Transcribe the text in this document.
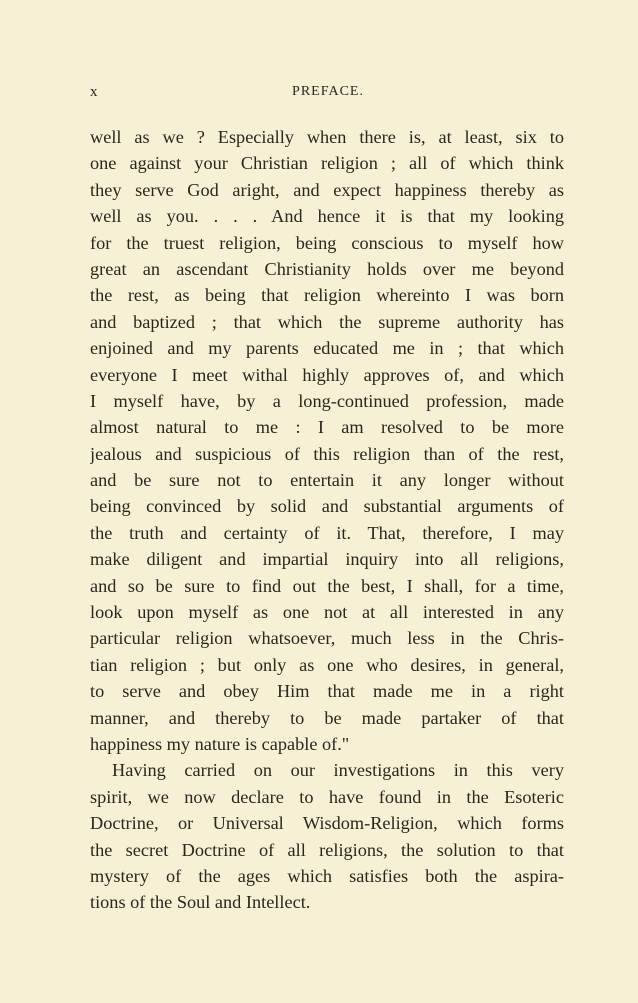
x	PREFACE.
well as we ? Especially when there is, at least, six to
one against your Christian religion ; all of which think
they serve God aright, and expect happiness thereby as
well as you. . . . And hence it is that my looking
for the truest religion, being conscious to myself how
great an ascendant Christianity holds over me beyond
the rest, as being that religion whereinto I was born
and baptized ; that which the supreme authority has
enjoined and my parents educated me in ; that which
everyone I meet withal highly approves of, and which
I myself have, by a long-continued profession, made
almost natural to me : I am resolved to be more
jealous and suspicious of this religion than of the rest,
and be sure not to entertain it any longer without
being convinced by solid and substantial arguments of
the truth and certainty of it. That, therefore, I may
make diligent and impartial inquiry into all religions,
and so be sure to find out the best, I shall, for a time,
look upon myself as one not at all interested in any
particular religion whatsoever, much less in the Chris-
tian religion ; but only as one who desires, in general,
to serve and obey Him that made me in a right
manner, and thereby to be made partaker of that
happiness my nature is capable of."
Having carried on our investigations in this very
spirit, we now declare to have found in the Esoteric
Doctrine, or Universal Wisdom-Religion, which forms
the secret Doctrine of all religions, the solution to that
mystery of the ages which satisfies both the aspira-
tions of the Soul and Intellect.
